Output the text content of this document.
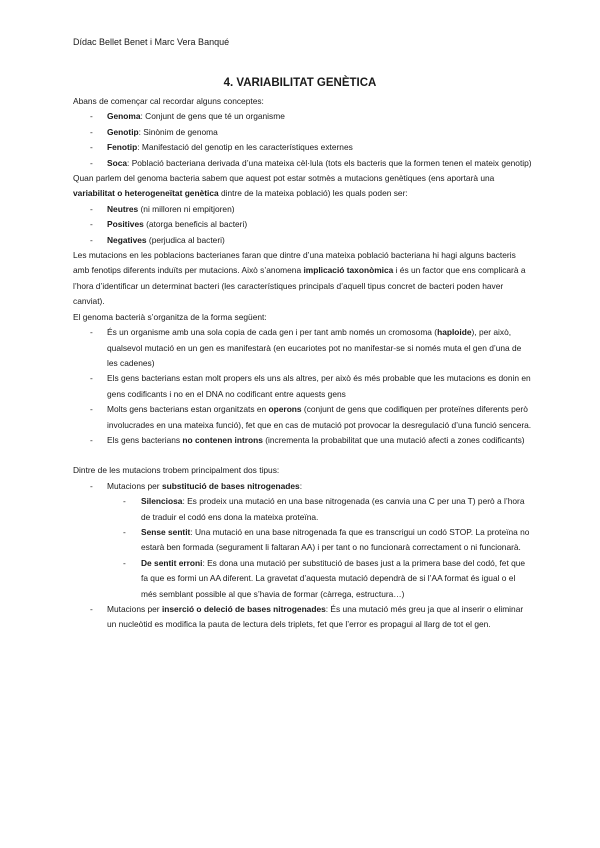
Dídac Bellet Benet i Marc Vera Banqué
4. VARIABILITAT GENÈTICA

Abans de començar cal recordar alguns conceptes:

- Genoma: Conjunt de gens que té un organisme
- Genotip: Sinònim de genoma
- Fenotip: Manifestació del genotip en les característiques externes
- Soca: Població bacteriana derivada d’una mateixa cèl·lula (tots els bacteris que la formen tenen el mateix genotip)

Quan parlem del genoma bacteria sabem que aquest pot estar sotmès a mutacions genètiques (ens aportarà una variabilitat o heterogeneïtat genètica dintre de la mateixa població) les quals poden ser:

- Neutres (ni milloren ni empitjoren)
- Positives (atorga beneficis al bacteri)
- Negatives (perjudica al bacteri)

Les mutacions en les poblacions bacterianes faran que dintre d’una mateixa població bacteriana hi hagi alguns bacteris amb fenotips diferents induïts per mutacions. Això s’anomena implicació taxonòmica i és un factor que ens complicarà a l’hora d’identificar un determinat bacteri (les característiques principals d’aquell tipus concret de bacteri poden haver canviat).

El genoma bacterià s’organitza de la forma següent:

- És un organisme amb una sola copia de cada gen i per tant amb només un cromosoma (haploide), per això, qualsevol mutació en un gen es manifestarà (en eucariotes pot no manifestar-se si només muta el gen d’una de les cadenes)
- Els gens bacterians estan molt propers els uns als altres, per això és més probable que les mutacions es donin en gens codificants i no en el DNA no codificant entre aquests gens
- Molts gens bacterians estan organitzats en operons (conjunt de gens que codifiquen per proteïnes diferents però involucrades en una mateixa funció), fet que en cas de mutació pot provocar la desregulació d’una funció sencera.
- Els gens bacterians no contenen introns (incrementa la probabilitat que una mutació afecti a zones codificants)

Dintre de les mutacions trobem principalment dos tipus:

- Mutacions per substitució de bases nitrogenades:
- Silenciosa: Es prodeix una mutació en una base nitrogenada (es canvia una C per una T) però a l’hora de traduir el codó ens dona la mateixa proteïna.
- Sense sentit: Una mutació en una base nitrogenada fa que es transcrigui un codó STOP. La proteïna no estarà ben formada (segurament li faltaran AA) i per tant o no funcionarà correctament o ni funcionarà.
- De sentit erroni: Es dona una mutació per substitució de bases just a la primera base del codó, fet que fa que es formi un AA diferent. La gravetat d’aquesta mutació dependrà de si l’AA format és igual o el més semblant possible al que s’havia de formar (càrrega, estructura…)
- Mutacions per inserció o deleció de bases nitrogenades: És una mutació més greu ja que al inserir o eliminar un nucleòtid es modifica la pauta de lectura dels triplets, fet que l’error es propagui al llarg de tot el gen.
